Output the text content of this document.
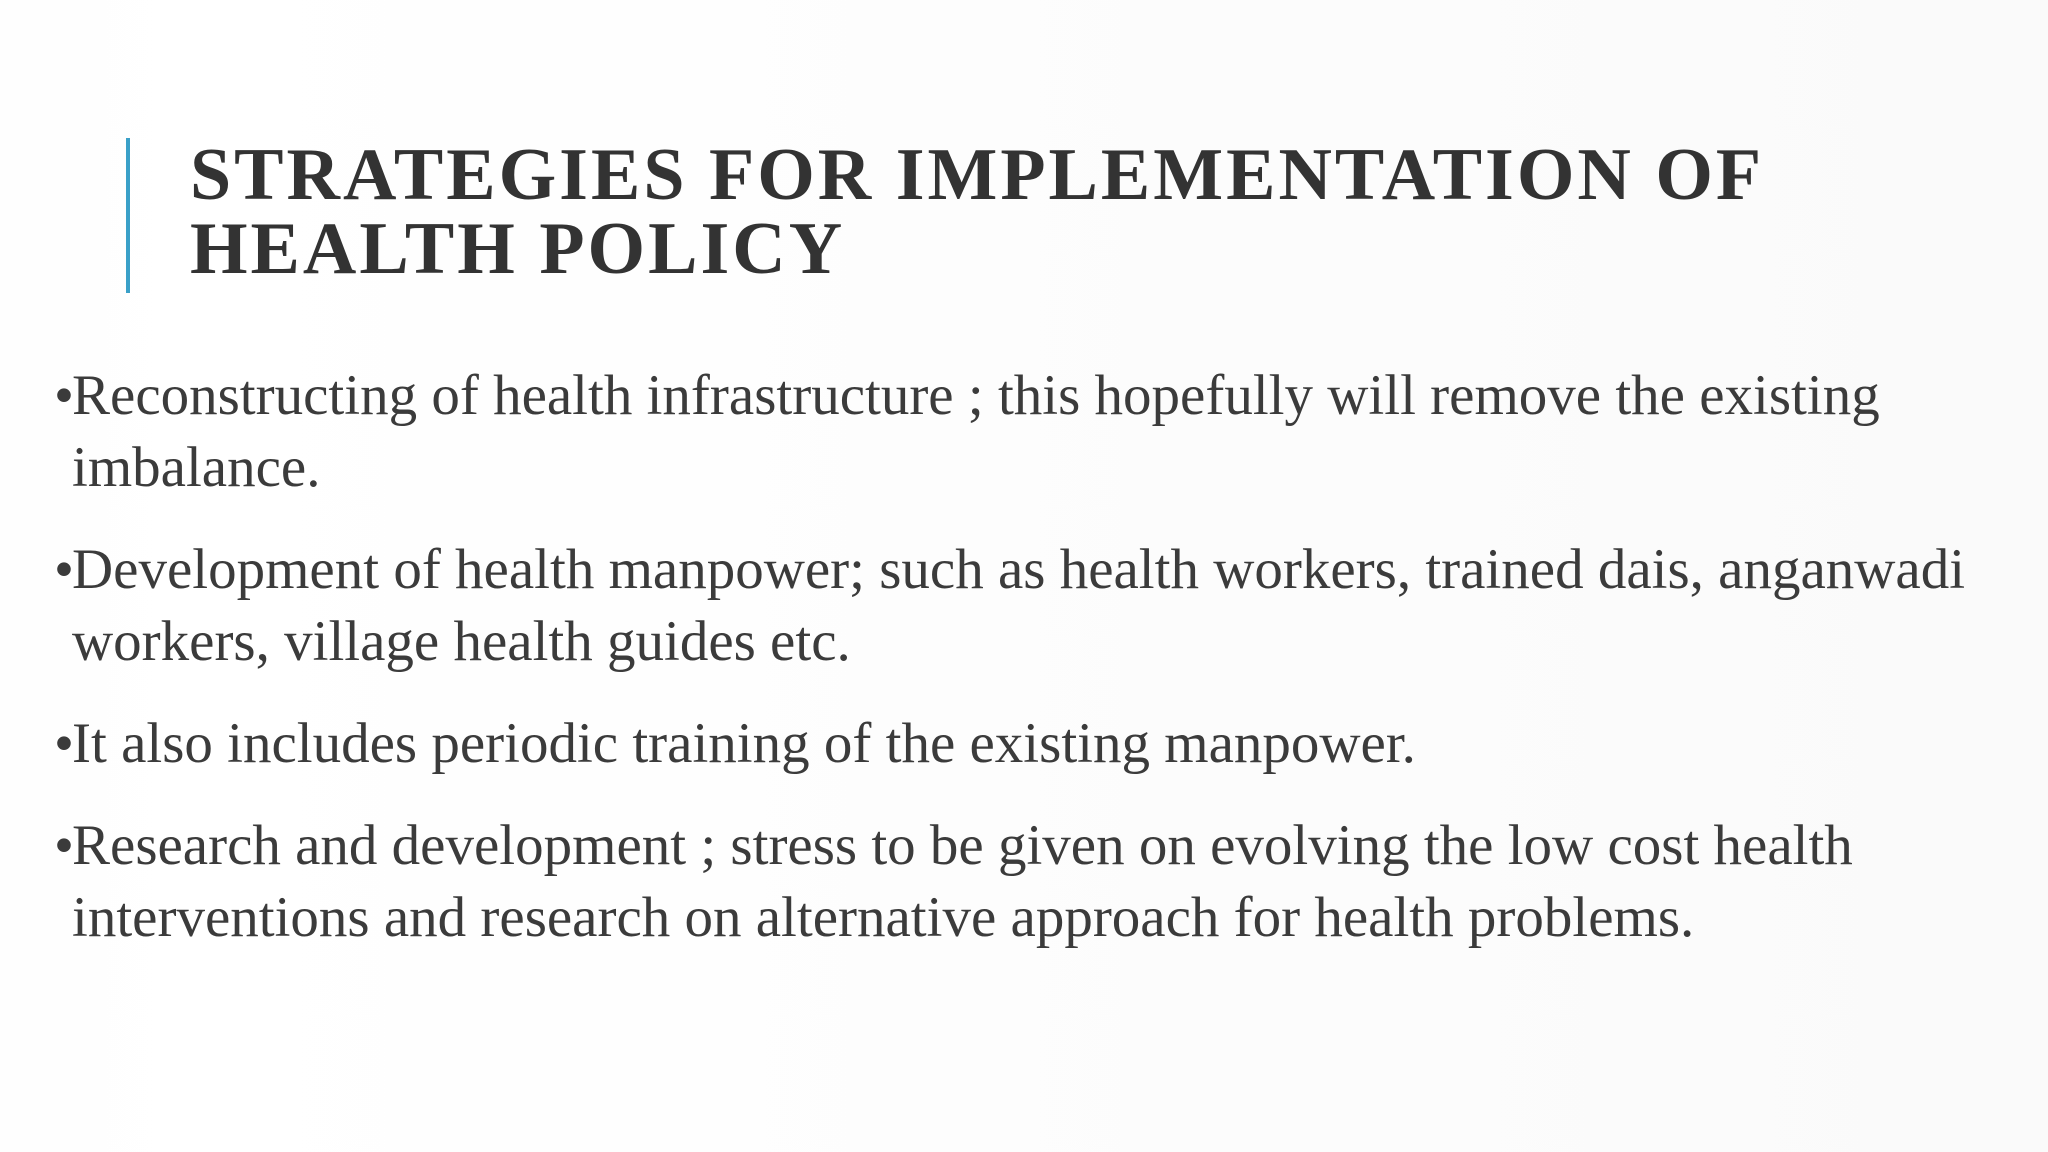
STRATEGIES FOR IMPLEMENTATION OF
HEALTH POLICY
•
Reconstructing of health infrastructure ; this hopefully will remove the existing imbalance.
•
Development of health manpower; such as health workers, trained dais, anganwadi workers, village health guides etc.
•
It also includes periodic training of the existing manpower.
•
Research and development ; stress to be given on evolving the low cost health interventions and research on alternative approach for health problems.
